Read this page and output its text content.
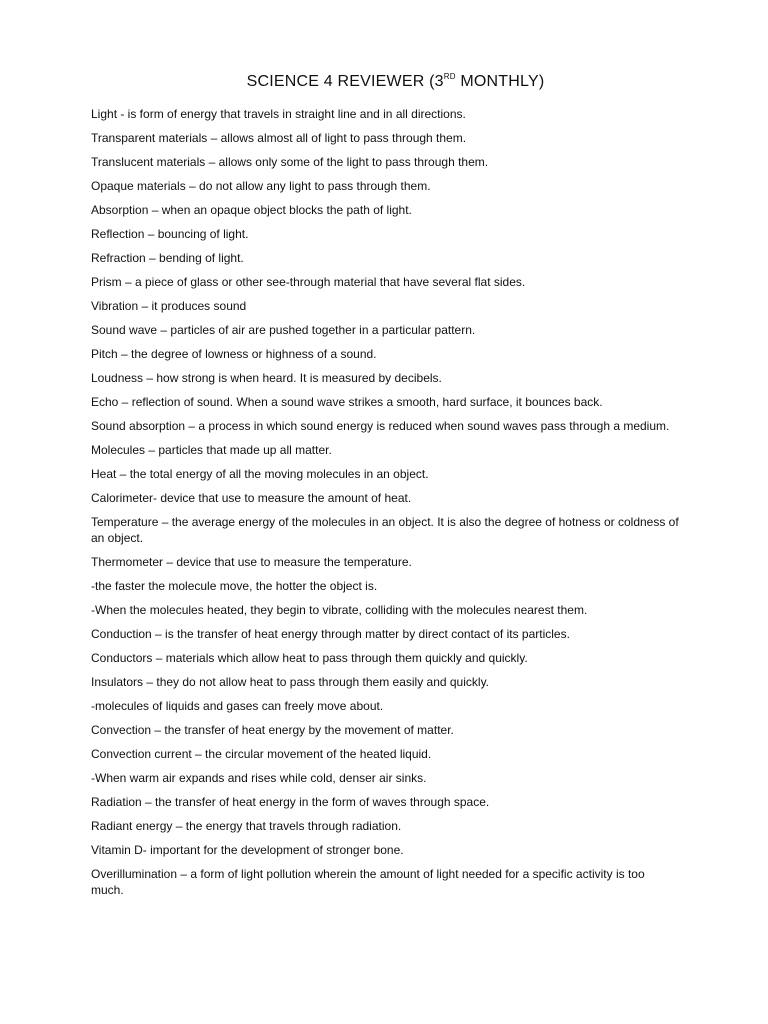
SCIENCE 4 REVIEWER (3RD MONTHLY)

Light - is form of energy that travels in straight line and in all directions.

Transparent materials – allows almost all of light to pass through them.

Translucent materials – allows only some of the light to pass through them.

Opaque materials – do not allow any light to pass through them.

Absorption – when an opaque object blocks the path of light.

Reflection – bouncing of light.

Refraction – bending of light.

Prism – a piece of glass or other see-through material that have several flat sides.

Vibration – it produces sound

Sound wave – particles of air are pushed together in a particular pattern.

Pitch – the degree of lowness or highness of a sound.

Loudness – how strong is when heard. It is measured by decibels.

Echo – reflection of sound. When a sound wave strikes a smooth, hard surface, it bounces back.

Sound absorption – a process in which sound energy is reduced when sound waves pass through a medium.

Molecules – particles that made up all matter.

Heat – the total energy of all the moving molecules in an object.

Calorimeter- device that use to measure the amount of heat.

Temperature – the average energy of the molecules in an object. It is also the degree of hotness or coldness of an object.

Thermometer – device that use to measure the temperature.

-the faster the molecule move, the hotter the object is.

-When the molecules heated, they begin to vibrate, colliding with the molecules nearest them.

Conduction – is the transfer of heat energy through matter by direct contact of its particles.

Conductors – materials which allow heat to pass through them quickly and quickly.

Insulators – they do not allow heat to pass through them easily and quickly.

-molecules of liquids and gases can freely move about.

Convection – the transfer of heat energy by the movement of matter.

Convection current – the circular movement of the heated liquid.

-When warm air expands and rises while cold, denser air sinks.

Radiation – the transfer of heat energy in the form of waves through space.

Radiant energy – the energy that travels through radiation.

Vitamin D- important for the development of stronger bone.

Overillumination – a form of light pollution wherein the amount of light needed for a specific activity is too much.
